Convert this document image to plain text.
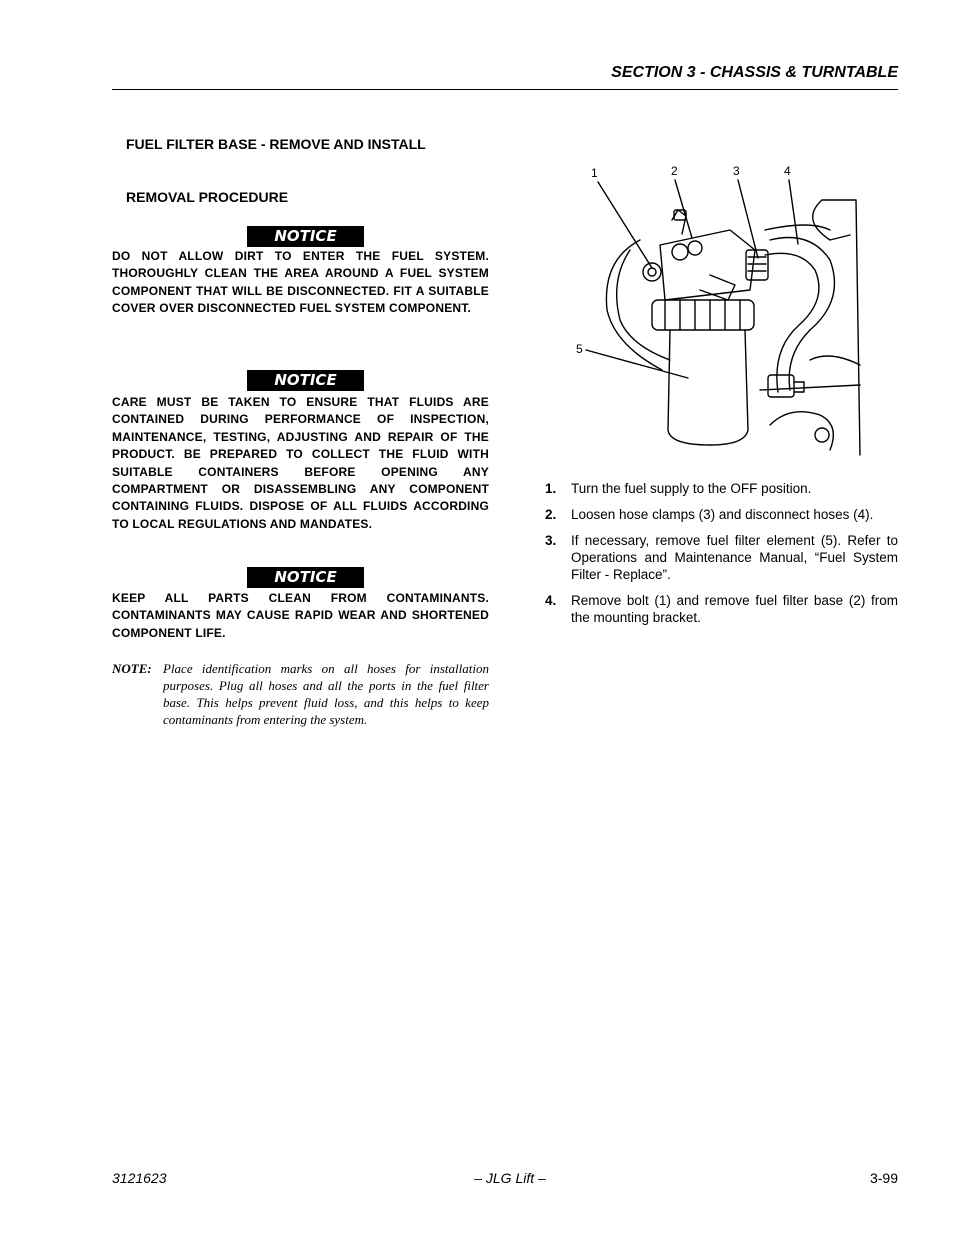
SECTION 3 - CHASSIS & TURNTABLE
FUEL FILTER BASE - REMOVE AND INSTALL
REMOVAL PROCEDURE
NOTICE
DO NOT ALLOW DIRT TO ENTER THE FUEL SYSTEM. THOROUGHLY CLEAN THE AREA AROUND A FUEL SYSTEM COMPONENT THAT WILL BE DISCONNECTED. FIT A SUITABLE COVER OVER DISCONNECTED FUEL SYSTEM COMPONENT.
NOTICE
CARE MUST BE TAKEN TO ENSURE THAT FLUIDS ARE CONTAINED DURING PERFORMANCE OF INSPECTION, MAINTENANCE, TESTING, ADJUSTING AND REPAIR OF THE PRODUCT. BE PREPARED TO COLLECT THE FLUID WITH SUITABLE CONTAINERS BEFORE OPENING ANY COMPARTMENT OR DISASSEMBLING ANY COMPONENT CONTAINING FLUIDS. DISPOSE OF ALL FLUIDS ACCORDING TO LOCAL REGULATIONS AND MANDATES.
NOTICE
KEEP ALL PARTS CLEAN FROM CONTAMINANTS. CONTAMINANTS MAY CAUSE RAPID WEAR AND SHORTENED COMPONENT LIFE.
NOTE: Place identification marks on all hoses for installation purposes. Plug all hoses and all the ports in the fuel filter base. This helps prevent fluid loss, and this helps to keep contaminants from entering the system.
1	2	3	4
5
1. Turn the fuel supply to the OFF position.
2. Loosen hose clamps (3) and disconnect hoses (4).
3. If necessary, remove fuel filter element (5). Refer to Operations and Maintenance Manual, “Fuel System Filter - Replace”.
4. Remove bolt (1) and remove fuel filter base (2) from the mounting bracket.
3121623	– JLG Lift –	3-99
